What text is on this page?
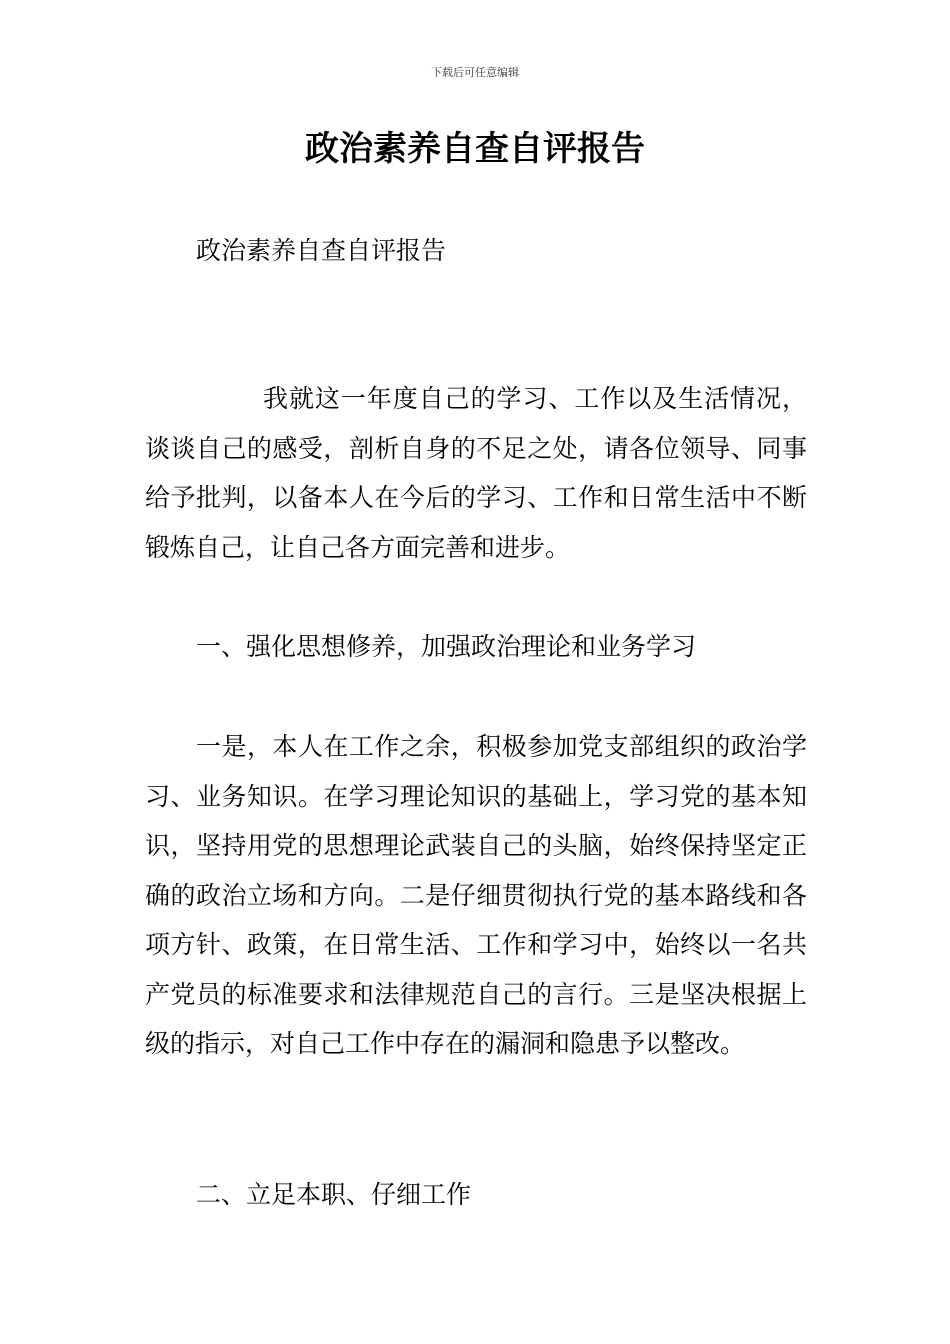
下载后可任意编辑

政治素养自查自评报告

政治素养自查自评报告

我就这一年度自己的学习、工作以及生活情况，谈谈自己的感受，剖析自身的不足之处，请各位领导、同事给予批判，以备本人在今后的学习、工作和日常生活中不断锻炼自己，让自己各方面完善和进步。

一、强化思想修养，加强政治理论和业务学习

一是，本人在工作之余，积极参加党支部组织的政治学习、业务知识。在学习理论知识的基础上，学习党的基本知识，坚持用党的思想理论武装自己的头脑，始终保持坚定正确的政治立场和方向。二是仔细贯彻执行党的基本路线和各项方针、政策，在日常生活、工作和学习中，始终以一名共产党员的标准要求和法律规范自己的言行。三是坚决根据上级的指示，对自己工作中存在的漏洞和隐患予以整改。

二、立足本职、仔细工作
